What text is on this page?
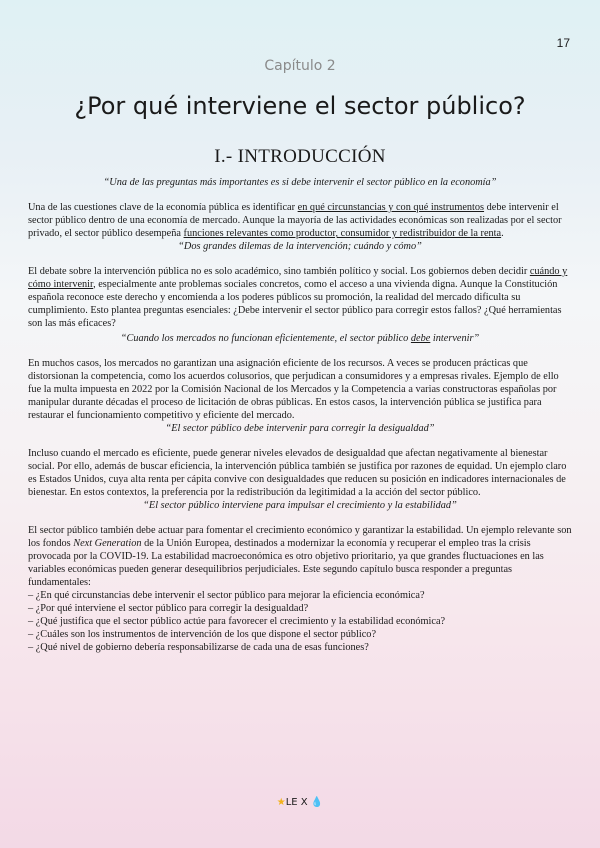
17
Capítulo 2
¿Por qué interviene el sector público?
I.- INTRODUCCIÓN

“Una de las preguntas más importantes es si debe intervenir el sector público en la economía”

Una de las cuestiones clave de la economía pública es identificar en qué circunstancias y con qué instrumentos debe intervenir el sector público dentro de una economía de mercado. Aunque la mayoría de las actividades económicas son realizadas por el sector privado, el sector público desempeña funciones relevantes como productor, consumidor y redistribuidor de la renta.

“Dos grandes dilemas de la intervención; cuándo y cómo”

El debate sobre la intervención pública no es solo académico, sino también político y social. Los gobiernos deben decidir cuándo y cómo intervenir, especialmente ante problemas sociales concretos, como el acceso a una vivienda digna. Aunque la Constitución española reconoce este derecho y encomienda a los poderes públicos su promoción, la realidad del mercado dificulta su cumplimiento. Esto plantea preguntas esenciales: ¿Debe intervenir el sector público para corregir estos fallos? ¿Qué herramientas son las más eficaces?

“Cuando los mercados no funcionan eficientemente, el sector público debe intervenir”

En muchos casos, los mercados no garantizan una asignación eficiente de los recursos. A veces se producen prácticas que distorsionan la competencia, como los acuerdos colusorios, que perjudican a consumidores y a empresas rivales. Ejemplo de ello fue la multa impuesta en 2022 por la Comisión Nacional de los Mercados y la Competencia a varias constructoras españolas por manipular durante décadas el proceso de licitación de obras públicas. En estos casos, la intervención pública se justifica para restaurar el funcionamiento competitivo y eficiente del mercado.

“El sector público debe intervenir para corregir la desigualdad”

Incluso cuando el mercado es eficiente, puede generar niveles elevados de desigualdad que afectan negativamente al bienestar social. Por ello, además de buscar eficiencia, la intervención pública también se justifica por razones de equidad. Un ejemplo claro es Estados Unidos, cuya alta renta per cápita convive con desigualdades que reducen su posición en indicadores internacionales de bienestar. En estos contextos, la preferencia por la redistribución da legitimidad a la acción del sector público.

“El sector público interviene para impulsar el crecimiento y la estabilidad”

El sector público también debe actuar para fomentar el crecimiento económico y garantizar la estabilidad. Un ejemplo relevante son los fondos Next Generation de la Unión Europea, destinados a modernizar la economía y recuperar el empleo tras la crisis provocada por la COVID-19. La estabilidad macroeconómica es otro objetivo prioritario, ya que grandes fluctuaciones en las variables económicas pueden generar desequilibrios perjudiciales. Este segundo capítulo busca responder a preguntas fundamentales:

– ¿En qué circunstancias debe intervenir el sector público para mejorar la eficiencia económica?
– ¿Por qué interviene el sector público para corregir la desigualdad?
– ¿Qué justifica que el sector público actúe para favorecer el crecimiento y la estabilidad económica?
– ¿Cuáles son los instrumentos de intervención de los que dispone el sector público?
– ¿Qué nivel de gobierno debería responsabilizarse de cada una de esas funciones?
★LE X 💧
